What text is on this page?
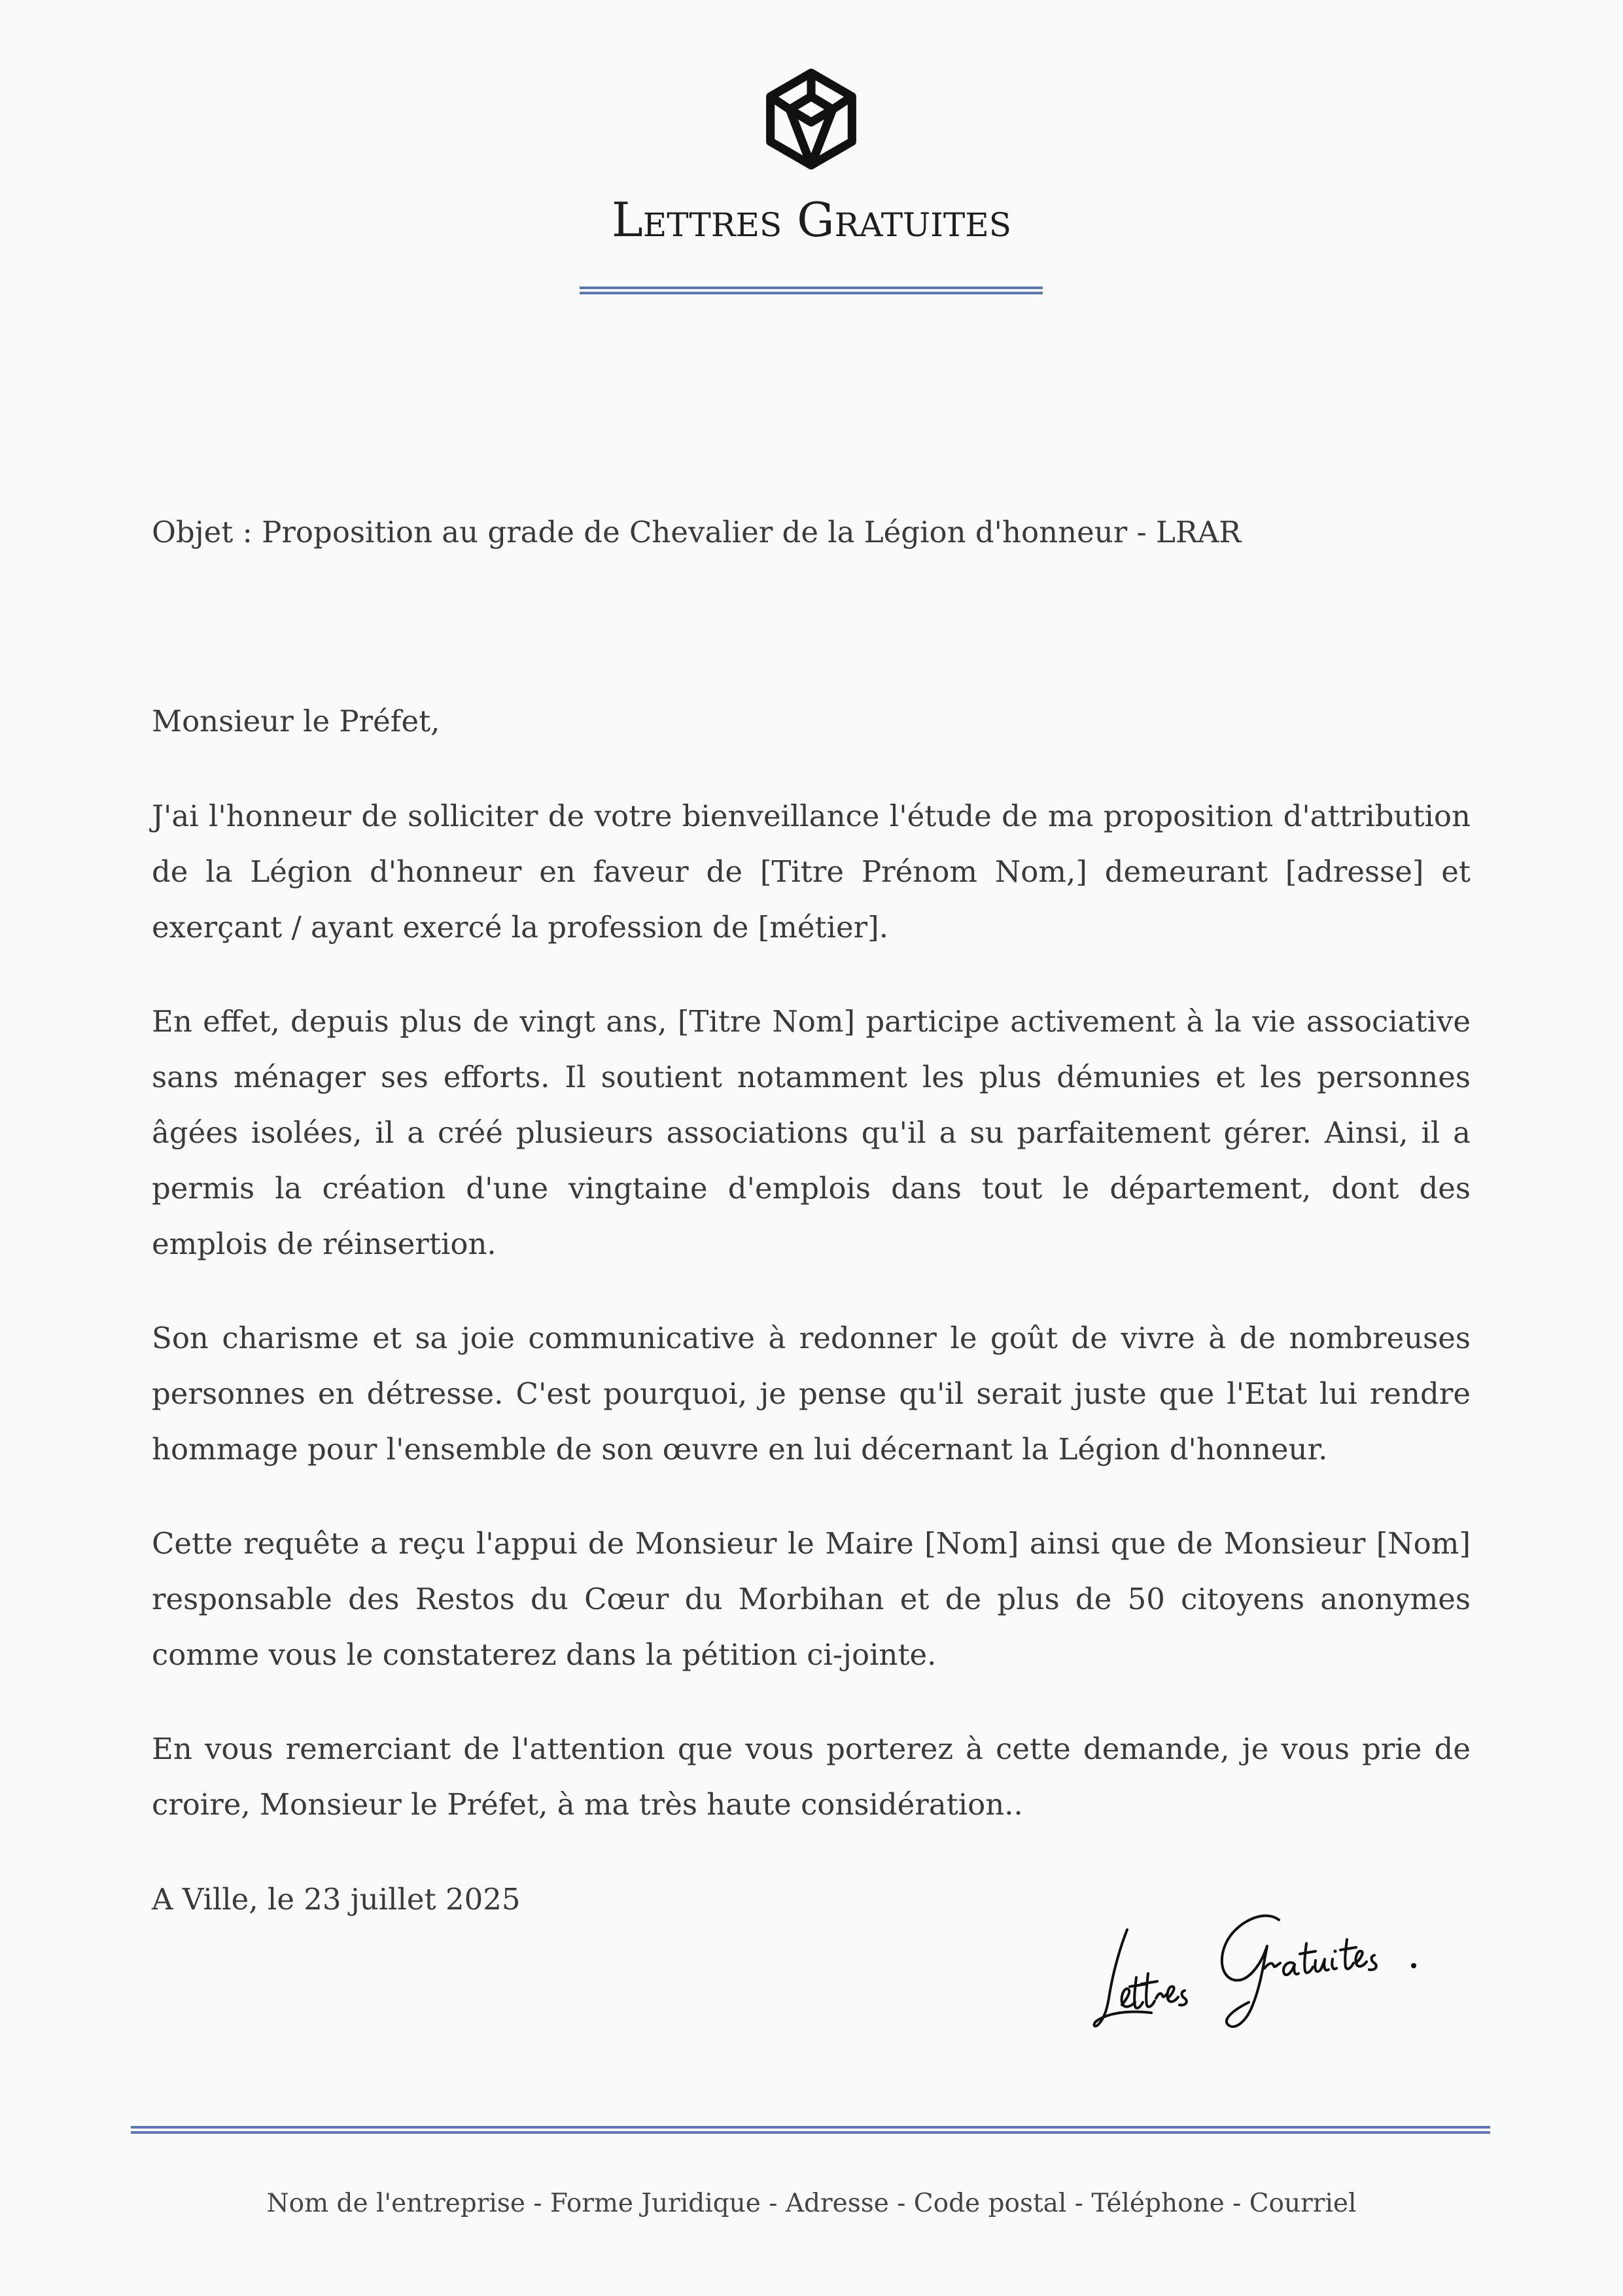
Lettres Gratuites
Objet : Proposition au grade de Chevalier de la Légion d'honneur - LRAR
Monsieur le Préfet,

J'ai l'honneur de solliciter de votre bienveillance l'étude de ma proposition d'attribution de la Légion d'honneur en faveur de [Titre Prénom Nom,] demeurant [adresse] et exerçant / ayant exercé la profession de [métier].

En effet, depuis plus de vingt ans, [Titre Nom] participe activement à la vie associative sans ménager ses efforts. Il soutient notamment les plus démunies et les personnes âgées isolées, il a créé plusieurs associations qu'il a su parfaitement gérer. Ainsi, il a permis la création d'une vingtaine d'emplois dans tout le département, dont des emplois de réinsertion.

Son charisme et sa joie communicative à redonner le goût de vivre à de nombreuses personnes en détresse. C'est pourquoi, je pense qu'il serait juste que l'Etat lui rendre hommage pour l'ensemble de son œuvre en lui décernant la Légion d'honneur.

Cette requête a reçu l'appui de Monsieur le Maire [Nom] ainsi que de Monsieur [Nom] responsable des Restos du Cœur du Morbihan et de plus de 50 citoyens anonymes comme vous le constaterez dans la pétition ci-jointe.

En vous remerciant de l'attention que vous porterez à cette demande, je vous prie de croire, Monsieur le Préfet, à ma très haute considération..

A Ville, le 23 juillet 2025
Nom de l'entreprise - Forme Juridique - Adresse - Code postal - Téléphone - Courriel
